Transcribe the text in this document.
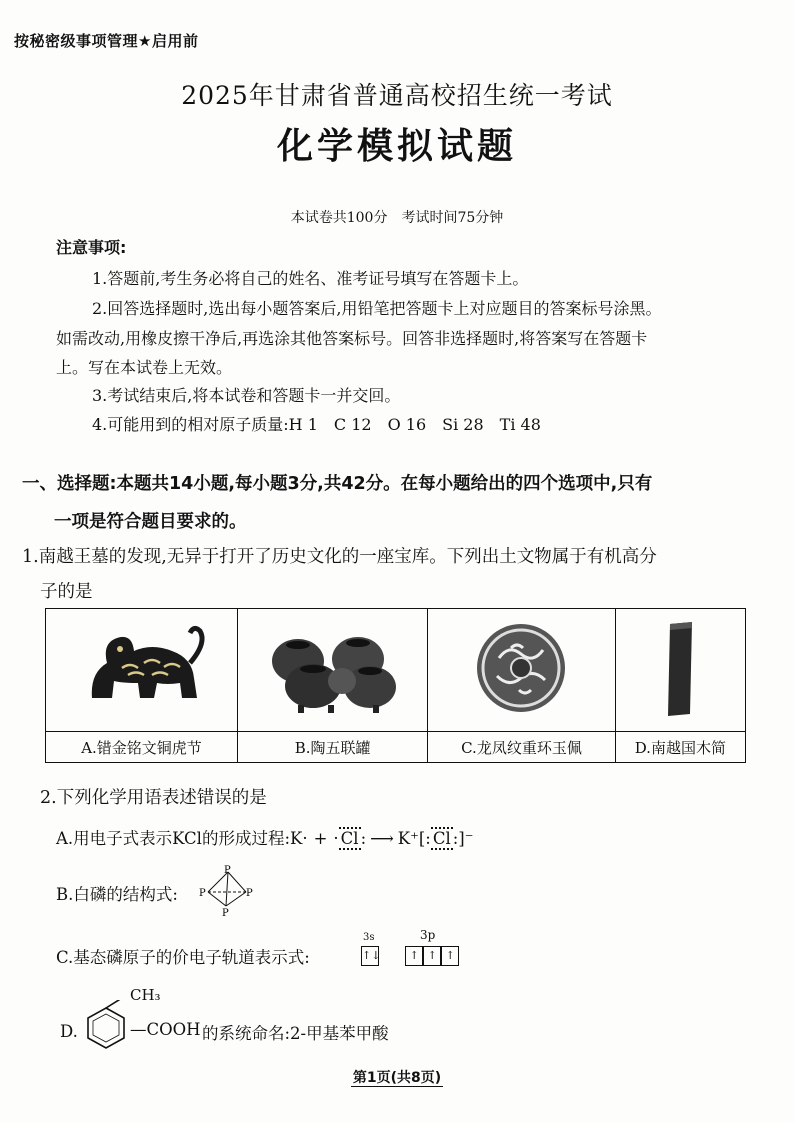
按秘密级事项管理★启用前
2025年甘肃省普通高校招生统一考试
化学模拟试题
本试卷共100分　考试时间75分钟
注意事项:
1.答题前,考生务必将自己的姓名、准考证号填写在答题卡上。
2.回答选择题时,选出每小题答案后,用铅笔把答题卡上对应题目的答案标号涂黑。
如需改动,用橡皮擦干净后,再选涂其他答案标号。回答非选择题时,将答案写在答题卡
上。写在本试卷上无效。
3.考试结束后,将本试卷和答题卡一并交回。
4.可能用到的相对原子质量:H 1　C 12　O 16　Si 28　Ti 48
一、选择题:本题共14小题,每小题3分,共42分。在每小题给出的四个选项中,只有
一项是符合题目要求的。
1.南越王墓的发现,无异于打开了历史文化的一座宝库。下列出土文物属于有机高分
子的是

A.错金铭文铜虎节	B.陶五联罐	C.龙凤纹重环玉佩	D.南越国木简
2.下列化学用语表述错误的是
A.用电子式表示KCl的形成过程:K· + · Cl : ⟶ K⁺[: Cl :]⁻
B.白磷的结构式:
P
P	P
P
C.基态磷原子的价电子轨道表示式:
3s	3p
↑↓	↑ ↑ ↑
D.
CH₃
—COOH 的系统命名:2-甲基苯甲酸
第1页(共8页)
